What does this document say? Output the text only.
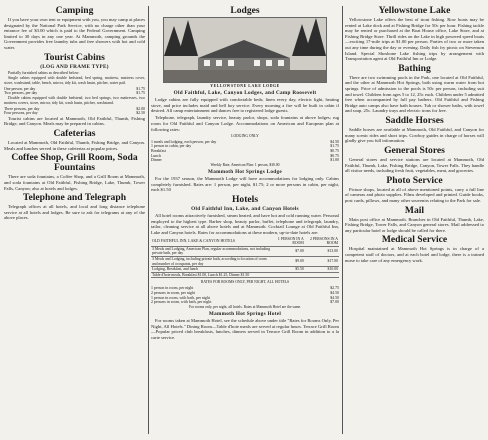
Camping

If you have your own tent or equipment with you, you may camp at places designated by the National Park Service, with no charge other than your entrance fee of $3.00 which is paid to the Federal Government. Camping limited to 30 days in any one year. At Mammoth, camping grounds the Government provides free laundry tubs and free showers with hot and cold water.

Tourist Cabins
(LOG AND FRAME TYPE)

Partially furnished cabins as described below:

Single cabins equipped with double bedstead, bed spring, mattress, mattress cover, stove, washstand, table, bench, mirror, tidy kit, wash basin, pitcher, water pail.

One person, per day	$1.75
Two persons, per day	$1.75

Double cabins equipped with double bedstead, two bed springs, two mattresses, two mattress covers, stove, mirror, tidy kit, wash basin, pitcher, washstand.

Three persons, per day	$2.00
Four persons, per day	$2.50

Tourist cabins are located at Mammoth, Old Faithful, Thumb, Fishing Bridge, and Canyon. Meals may be prepared in cabins.

Cafeterias

Located at Mammoth, Old Faithful, Thumb, Fishing Bridge, and Canyon. Meals and lunches served in these cafeterias at popular prices.

Coffee Shop, Grill Room, Soda Fountains

There are soda fountains, a Coffee Shop, and a Grill Room at Mammoth, and soda fountains at Old Faithful, Fishing Bridge, Lake, Thumb, Tower Falls, Canyon; also at hotels and lodges.

Telephone and Telegraph

Telegraph offices at all hotels, and local and long distance telephone service at all hotels and lodges. Be sure to ask for telegrams at any of the above places.

Lodges
YELLOWSTONE LAKE LODGE
Old Faithful, Lake, Canyon Lodges, and Camp Roosevelt

Lodge cabins are fully equipped with comfortable beds; linen every day, electric light, heating stove, and price includes maid and bell boy service. Every morning a fire will be built in cabin if desired. All camp entertainment and dances free to registered lodge guests.

Telephone, telegraph, laundry service, beauty parlor, shops, soda fountains at above lodges; rug room for Old Faithful and Canyon Lodge. Accommodations on American and European plan at following rates:

LODGING ONLY
1 meals and lodging, each person, per day	$4.50
1 person in cabin, per day	$1.75
Breakfast	$0.75
Lunch	$0.75
Dinner	$1.00
Weekly Rate, American Plan: 1 person, $30.00
Mammoth Hot Springs Lodge

For the 1937 season, the Mammoth Lodge will have accommodations for lodging only. Cabins completely furnished. Rates are: 1 person, per night, $1.75; 2 or more persons in cabin, per night, each $1.50

Hotels
Old Faithful Inn, Lake, and Canyon Hotels

All hotel rooms attractively furnished, steam heated, and have hot and cold running water. Personal employed to the highest type. Barber shop, beauty parlor, buffet, telephone and telegraph, laundry, tailor, cleaning service at all above hotels and at Mammoth. Cocktail Lounge at Old Faithful Inn, Lake and Canyon hotels. Rates for accommodations at these modern, up-to-date hotels are:

OLD FAITHFUL INN, LAKE & CANYON HOTELS	1 PERSON IN A ROOM	2 PERSONS IN A ROOM
3 Meals and Lodging, American Plan, regular accommodations, not including private bath, per day	$7.00	$13.00
3 Meals and Lodging, including private bath, according to location of room and number of occupants, per day	$9.00	$17.00
Lodging, Breakfast, and lunch	$5.50	$10.00
Table d'hote meals, Breakfast $1.00, Lunch $1.25, Dinner $1.50		
RATES FOR ROOMS ONLY, PER NIGHT, ALL HOTELS
1 person in room, per night	$2.75
2 persons in room, per night	$4.50
1 person in room, with bath, per night	$4.50
2 persons in room, with bath, per night	$7.00
For rooms only, per night, all hotels. Rates at Mammoth Hotel are the same.
Mammoth Hot Springs Hotel

For rooms taken at Mammoth Hotel, see the schedule above under title "Rates for Rooms Only, Per Night, All Hotels." Dining Room—Table d'hote meals are served at regular hours. Terrace Grill Room—Popular priced club breakfasts, lunches, dinners served in Terrace Grill Room in addition to a la carte service.

Yellowstone Lake

Yellowstone Lake offers the best of trout fishing. Row boats may be rented at Lake dock and at Fishing Bridge for 50c per hour. Fishing tackle may be rented or purchased at the Boat House office, Lake Store, and at Fishing Bridge Store. Thrill rides on the Lake in high powered speed boats—exciting 17-mile trips at $1.00 per person. Parties of two or more taken out any time during the day or evening. Daily fish fry picnic on Stevenson Island. Special Shoshone Lake fishing trips by arrangement with Transportation agent at Old Faithful Inn or Lodge.

Bathing

There are two swimming pools in the Park, one located at Old Faithful, and the other at Mammoth Hot Springs, both using warm water from hot springs. Price of admission to the pools is 50c per person, including suit and towel. Children from ages 5 to 12, 25c each. Children under 5 admitted free when accompanied by full pay bathers. Old Faithful and Fishing Bridge auto camps also have bath houses. Tub or shower baths, with towel and soap, 25c. Laundry trays and electric irons for free.

Saddle Horses

Saddle horses are available at Mammoth, Old Faithful, and Canyon for many scenic rides and short trips. Cowboy guides in charge of horses will gladly give you full information.

General Stores

General stores and service stations are located at Mammoth, Old Faithful, Thumb, Lake, Fishing Bridge, Canyon, Tower Falls. They handle all visitor needs, including fresh fruit, vegetables, meat, and groceries.

Photo Service

Picture shops, located at all of above mentioned points, carry a full line of cameras and photo supplies. Films developed and printed. Guide books, post cards, pillows, and many other souvenirs relating to the Park for sale.

Mail

Main post office at Mammoth. Branches in Old Faithful, Thumb, Lake, Fishing Bridge, Tower Falls, and Canyon general stores. Mail addressed to any particular hotel or lodge should be called for there.

Medical Service

Hospital maintained at Mammoth Hot Springs is in charge of a competent staff of doctors, and at each hotel and lodge, there is a trained nurse to take care of any emergency work.
